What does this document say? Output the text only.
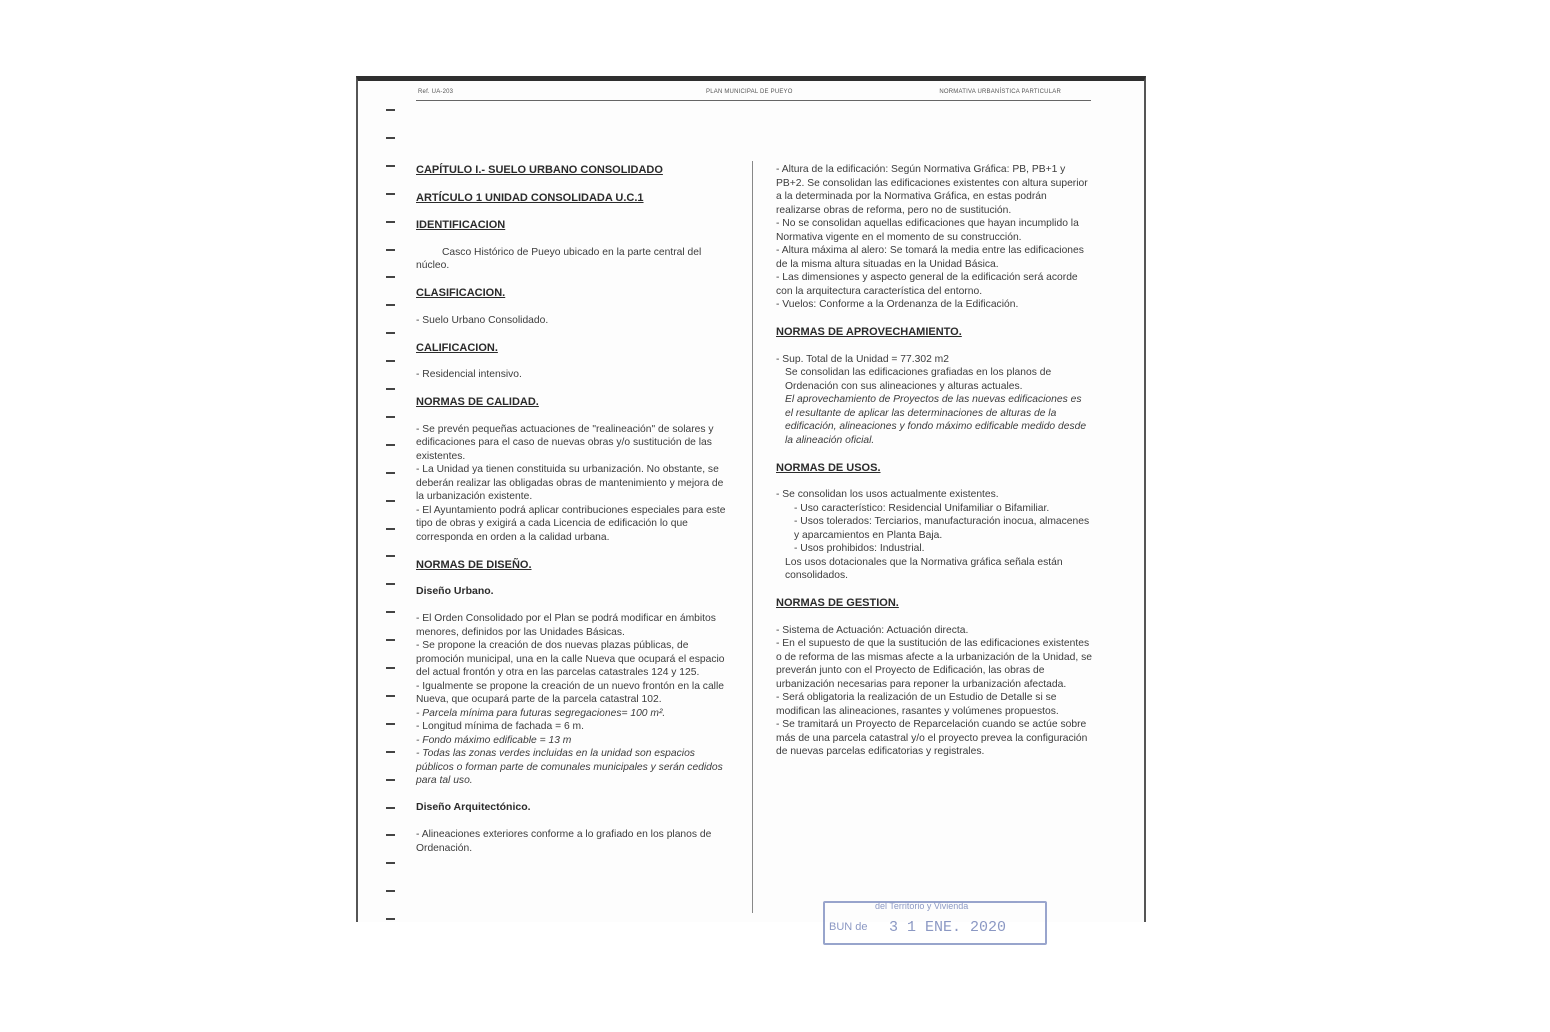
Ref. UA-203	PLAN MUNICIPAL DE PUEYO	NORMATIVA URBANÍSTICA PARTICULAR

CAPÍTULO I.- SUELO URBANO CONSOLIDADO

ARTÍCULO 1 UNIDAD CONSOLIDADA U.C.1

IDENTIFICACION

Casco Histórico de Pueyo ubicado en la parte central del núcleo.

CLASIFICACION.

- Suelo Urbano Consolidado.

CALIFICACION.

- Residencial intensivo.

NORMAS DE CALIDAD.

- Se prevén pequeñas actuaciones de "realineación" de solares y edificaciones para el caso de nuevas obras y/o sustitución de las existentes.

- La Unidad ya tienen constituida su urbanización. No obstante, se deberán realizar las obligadas obras de mantenimiento y mejora de la urbanización existente.

- El Ayuntamiento podrá aplicar contribuciones especiales para este tipo de obras y exigirá a cada Licencia de edificación lo que corresponda en orden a la calidad urbana.

NORMAS DE DISEÑO.

Diseño Urbano.

- El Orden Consolidado por el Plan se podrá modificar en ámbitos menores, definidos por las Unidades Básicas.

- Se propone la creación de dos nuevas plazas públicas, de promoción municipal, una en la calle Nueva que ocupará el espacio del actual frontón y otra en las parcelas catastrales 124 y 125.

- Igualmente se propone la creación de un nuevo frontón en la calle Nueva, que ocupará parte de la parcela catastral 102.

- Parcela mínima para futuras segregaciones= 100 m².

- Longitud mínima de fachada = 6 m.

- Fondo máximo edificable = 13 m

- Todas las zonas verdes incluidas en la unidad son espacios públicos o forman parte de comunales municipales y serán cedidos para tal uso.

Diseño Arquitectónico.

- Alineaciones exteriores conforme a lo grafiado en los planos de Ordenación.

- Altura de la edificación: Según Normativa Gráfica: PB, PB+1 y PB+2. Se consolidan las edificaciones existentes con altura superior a la determinada por la Normativa Gráfica, en estas podrán realizarse obras de reforma, pero no de sustitución.

- No se consolidan aquellas edificaciones que hayan incumplido la Normativa vigente en el momento de su construcción.

- Altura máxima al alero: Se tomará la media entre las edificaciones de la misma altura situadas en la Unidad Básica.

- Las dimensiones y aspecto general de la edificación será acorde con la arquitectura característica del entorno.

- Vuelos: Conforme a la Ordenanza de la Edificación.

NORMAS DE APROVECHAMIENTO.

- Sup. Total de la Unidad = 77.302 m2

Se consolidan las edificaciones grafiadas en los planos de Ordenación con sus alineaciones y alturas actuales.

El aprovechamiento de Proyectos de las nuevas edificaciones es el resultante de aplicar las determinaciones de alturas de la edificación, alineaciones y fondo máximo edificable medido desde la alineación oficial.

NORMAS DE USOS.

- Se consolidan los usos actualmente existentes.

- Uso característico: Residencial Unifamiliar o Bifamiliar.

- Usos tolerados: Terciarios, manufacturación inocua, almacenes y aparcamientos en Planta Baja.

- Usos prohibidos: Industrial.

Los usos dotacionales que la Normativa gráfica señala están consolidados.

NORMAS DE GESTION.

- Sistema de Actuación: Actuación directa.

- En el supuesto de que la sustitución de las edificaciones existentes o de reforma de las mismas afecte a la urbanización de la Unidad, se preverán junto con el Proyecto de Edificación, las obras de urbanización necesarias para reponer la urbanización afectada.

- Será obligatoria la realización de un Estudio de Detalle si se modifican las alineaciones, rasantes y volúmenes propuestos.

- Se tramitará un Proyecto de Reparcelación cuando se actúe sobre más de una parcela catastral y/o el proyecto prevea la configuración de nuevas parcelas edificatorias y registrales.

del Territorio y Vivienda
BUN de 3 1 ENE. 2020
